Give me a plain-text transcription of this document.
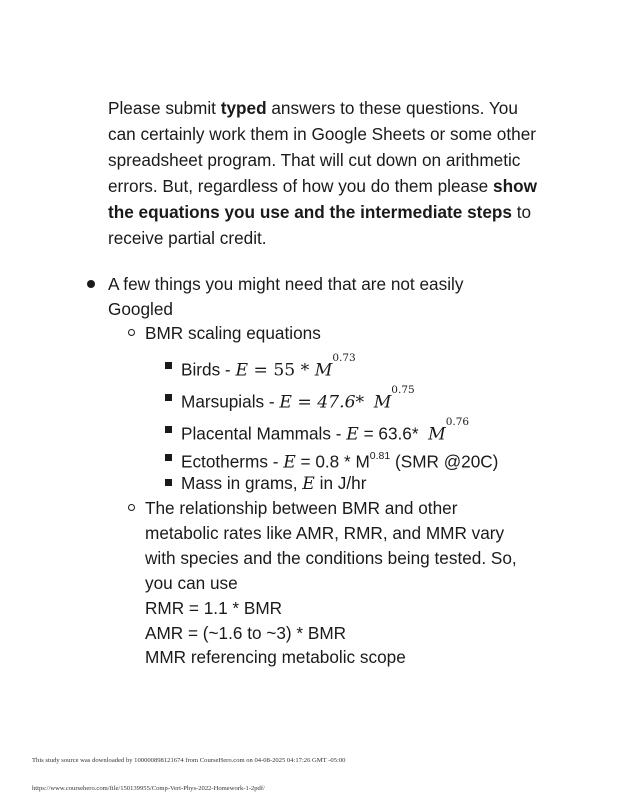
Please submit typed answers to these questions. You can certainly work them in Google Sheets or some other spreadsheet program. That will cut down on arithmetic errors. But, regardless of how you do them please show the equations you use and the intermediate steps to receive partial credit.

A few things you might need that are not easily
Googled
BMR scaling equations
Birds - $E = 55 * M^{0.73}$
Marsupials - E = 47.6* $M^{0.75}$
Placental Mammals - E = 63.6* $M^{0.76}$
Ectotherms - $E = 0.8 * M^{0.81}$ (SMR @20C)
Mass in grams, E in J/hr
The relationship between BMR and other
metabolic rates like AMR, RMR, and MMR vary
with species and the conditions being tested. So,
you can use
RMR = 1.1 * BMR
AMR = (~1.6 to ~3) * BMR
MMR referencing metabolic scope
This study source was downloaded by 100000898121674 from CourseHero.com on 04-08-2025 04:17:26 GMT -05:00
https://www.coursehero.com/file/150139955/Comp-Vert-Phys-2022-Homework-1-2pdf/
